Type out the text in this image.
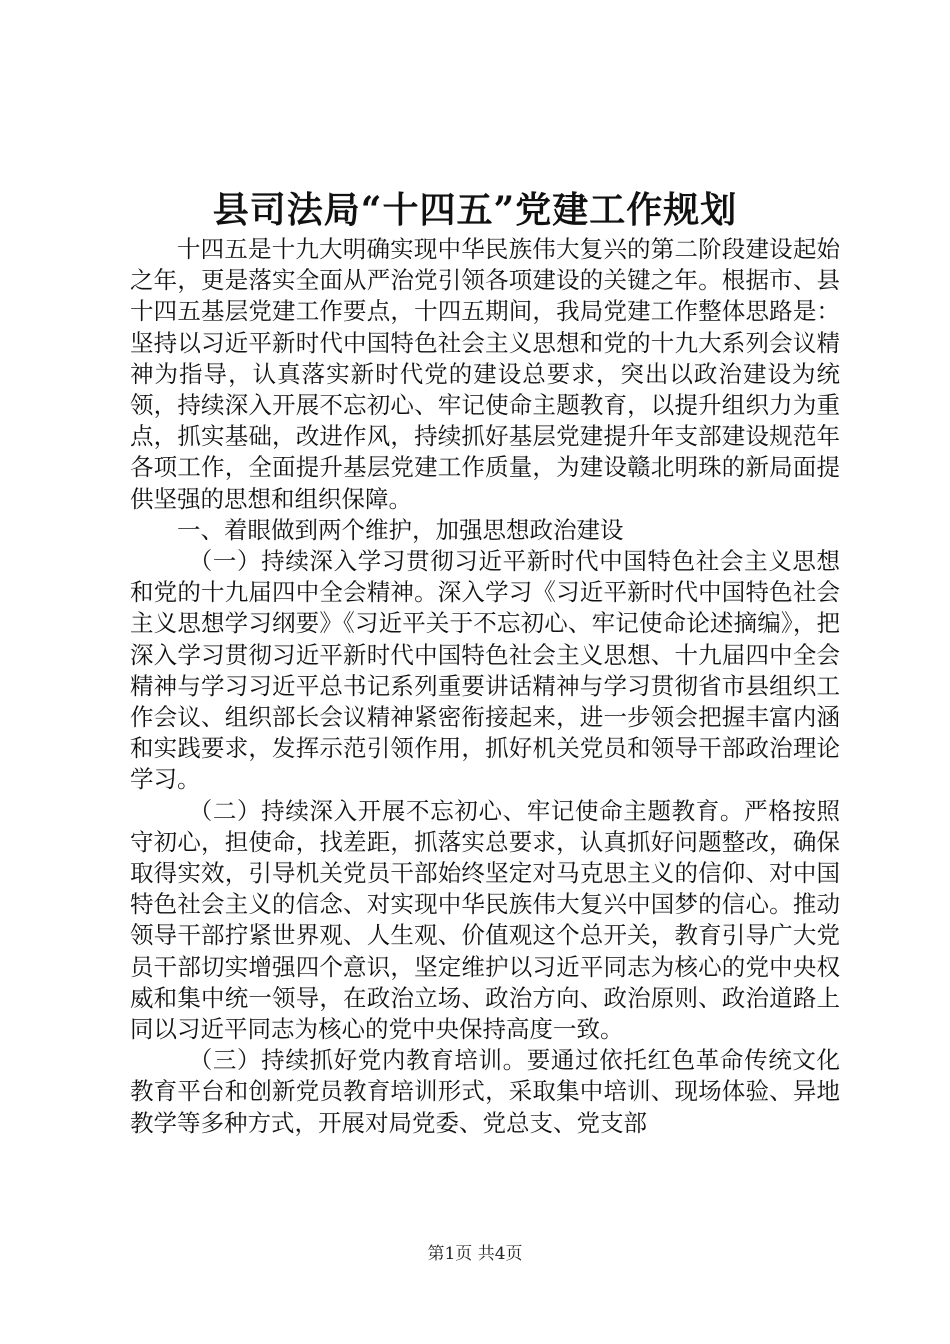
县司法局“十四五”党建工作规划

十四五是十九大明确实现中华民族伟大复兴的第二阶段建设起始之年，更是落实全面从严治党引领各项建设的关键之年。根据市、县十四五基层党建工作要点，十四五期间，我局党建工作整体思路是：坚持以习近平新时代中国特色社会主义思想和党的十九大系列会议精神为指导，认真落实新时代党的建设总要求，突出以政治建设为统领，持续深入开展不忘初心、牢记使命主题教育，以提升组织力为重点，抓实基础，改进作风，持续抓好基层党建提升年支部建设规范年各项工作，全面提升基层党建工作质量，为建设赣北明珠的新局面提供坚强的思想和组织保障。

一、着眼做到两个维护，加强思想政治建设

（一）持续深入学习贯彻习近平新时代中国特色社会主义思想和党的十九届四中全会精神。深入学习《习近平新时代中国特色社会主义思想学习纲要》《习近平关于不忘初心、牢记使命论述摘编》，把深入学习贯彻习近平新时代中国特色社会主义思想、十九届四中全会精神与学习习近平总书记系列重要讲话精神与学习贯彻省市县组织工作会议、组织部长会议精神紧密衔接起来，进一步领会把握丰富内涵和实践要求，发挥示范引领作用，抓好机关党员和领导干部政治理论学习。

（二）持续深入开展不忘初心、牢记使命主题教育。严格按照守初心，担使命，找差距，抓落实总要求，认真抓好问题整改，确保取得实效，引导机关党员干部始终坚定对马克思主义的信仰、对中国特色社会主义的信念、对实现中华民族伟大复兴中国梦的信心。推动领导干部拧紧世界观、人生观、价值观这个总开关，教育引导广大党员干部切实增强四个意识，坚定维护以习近平同志为核心的党中央权威和集中统一领导，在政治立场、政治方向、政治原则、政治道路上同以习近平同志为核心的党中央保持高度一致。

（三）持续抓好党内教育培训。要通过依托红色革命传统文化教育平台和创新党员教育培训形式，采取集中培训、现场体验、异地教学等多种方式，开展对局党委、党总支、党支部

第1页 共4页
